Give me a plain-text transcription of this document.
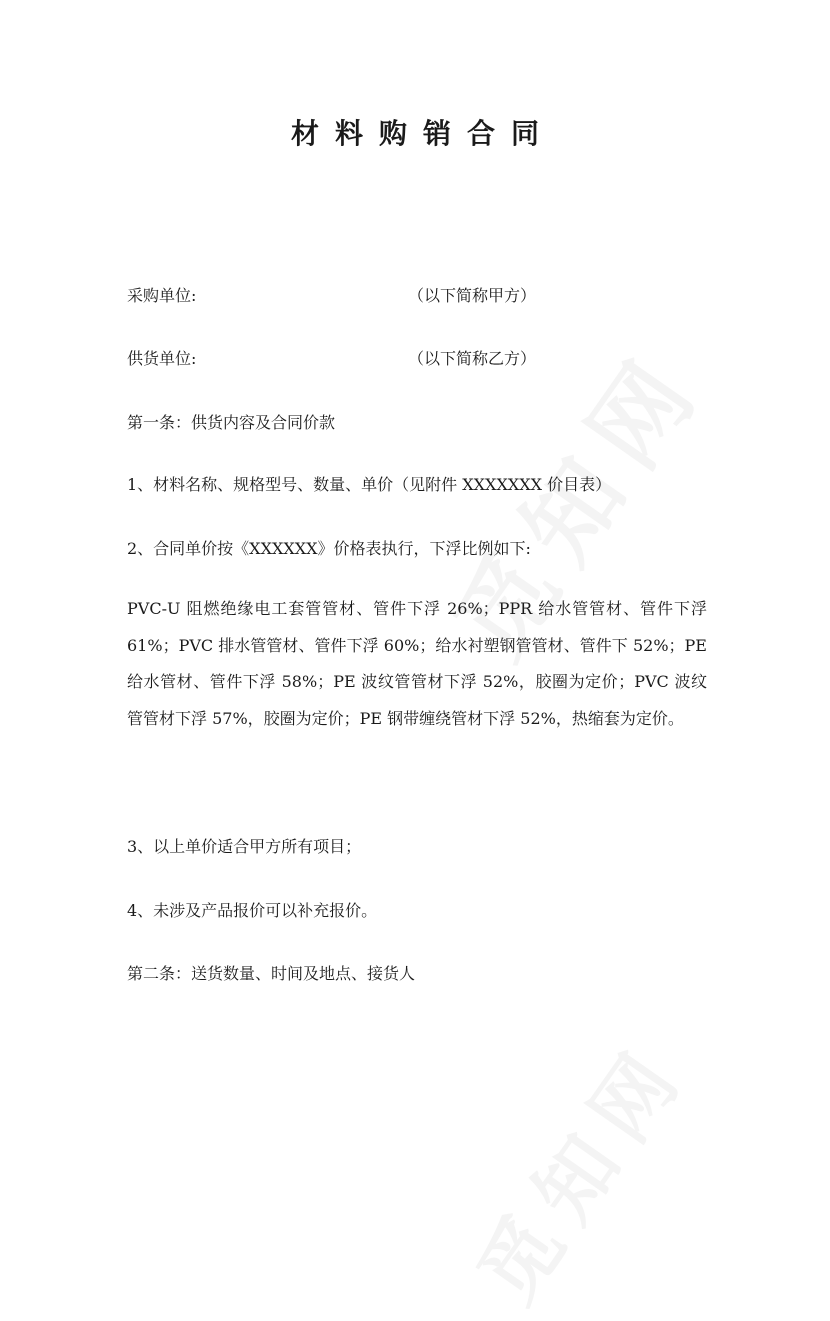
材料购销合同
采购单位:	（以下简称甲方）
供货单位:	（以下简称乙方）
第一条：供货内容及合同价款
1、材料名称、规格型号、数量、单价（见附件 XXXXXXX 价目表）
2、合同单价按《XXXXXX》价格表执行，下浮比例如下:
PVC-U 阻燃绝缘电工套管管材、管件下浮 26%；PPR 给水管管材、管件下浮 61%；PVC 排水管管材、管件下浮 60%；给水衬塑钢管管材、管件下 52%；PE 给水管材、管件下浮 58%；PE 波纹管管材下浮 52%，胶圈为定价；PVC 波纹管管材下浮 57%，胶圈为定价；PE 钢带缠绕管材下浮 52%，热缩套为定价。
3、以上单价适合甲方所有项目；
4、未涉及产品报价可以补充报价。
第二条：送货数量、时间及地点、接货人
